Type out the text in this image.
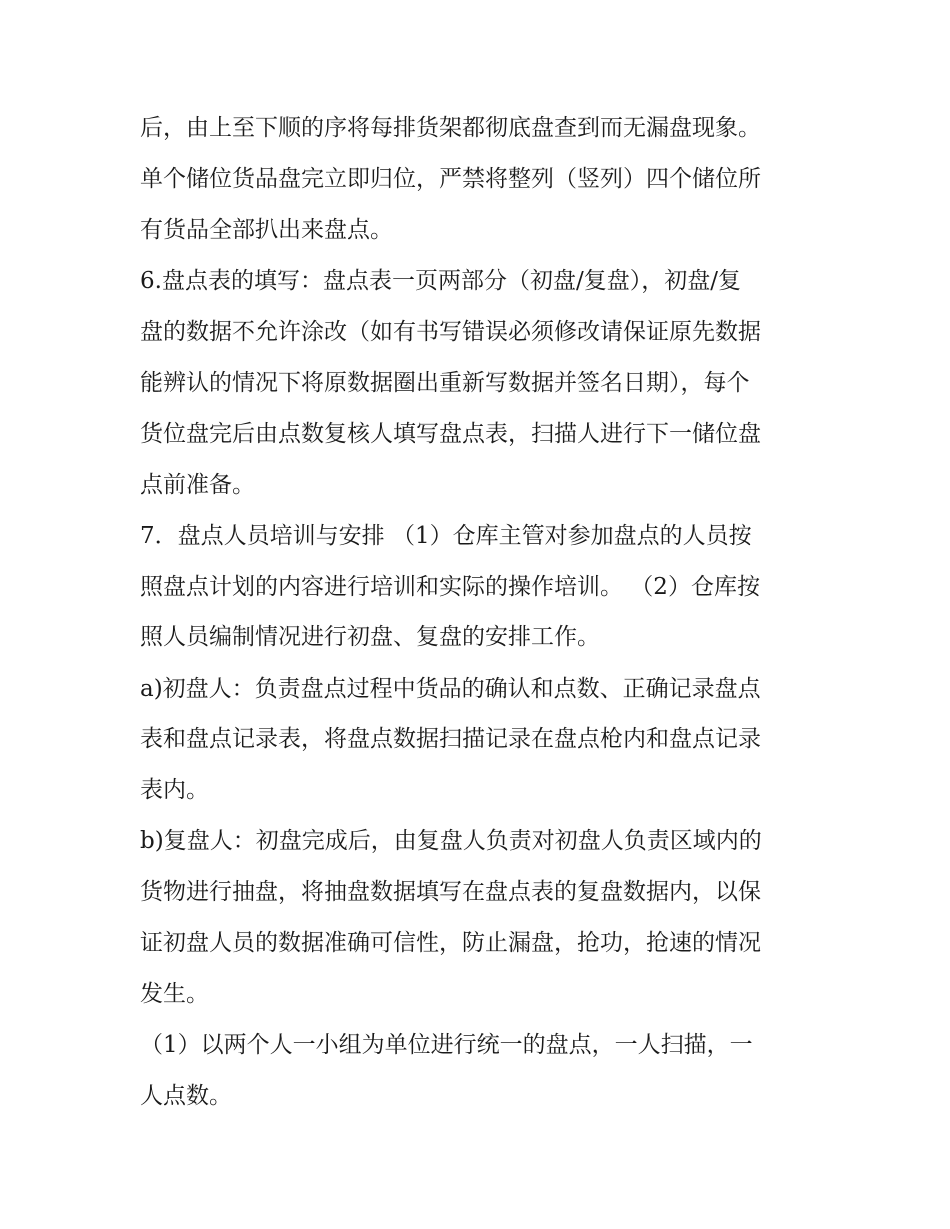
后，由上至下顺的序将每排货架都彻底盘查到而无漏盘现象。
单个储位货品盘完立即归位，严禁将整列（竖列）四个储位所
有货品全部扒出来盘点。
6.盘点表的填写：盘点表一页两部分（初盘/复盘），初盘/复
盘的数据不允许涂改（如有书写错误必须修改请保证原先数据
能辨认的情况下将原数据圈出重新写数据并签名日期），每个
货位盘完后由点数复核人填写盘点表，扫描人进行下一储位盘
点前准备。
7．盘点人员培训与安排 （1）仓库主管对参加盘点的人员按
照盘点计划的内容进行培训和实际的操作培训。 （2）仓库按
照人员编制情况进行初盘、复盘的安排工作。
a)初盘人：负责盘点过程中货品的确认和点数、正确记录盘点
表和盘点记录表，将盘点数据扫描记录在盘点枪内和盘点记录
表内。
b)复盘人：初盘完成后，由复盘人负责对初盘人负责区域内的
货物进行抽盘，将抽盘数据填写在盘点表的复盘数据内，以保
证初盘人员的数据准确可信性，防止漏盘，抢功，抢速的情况
发生。
（1）以两个人一小组为单位进行统一的盘点，一人扫描，一
人点数。
